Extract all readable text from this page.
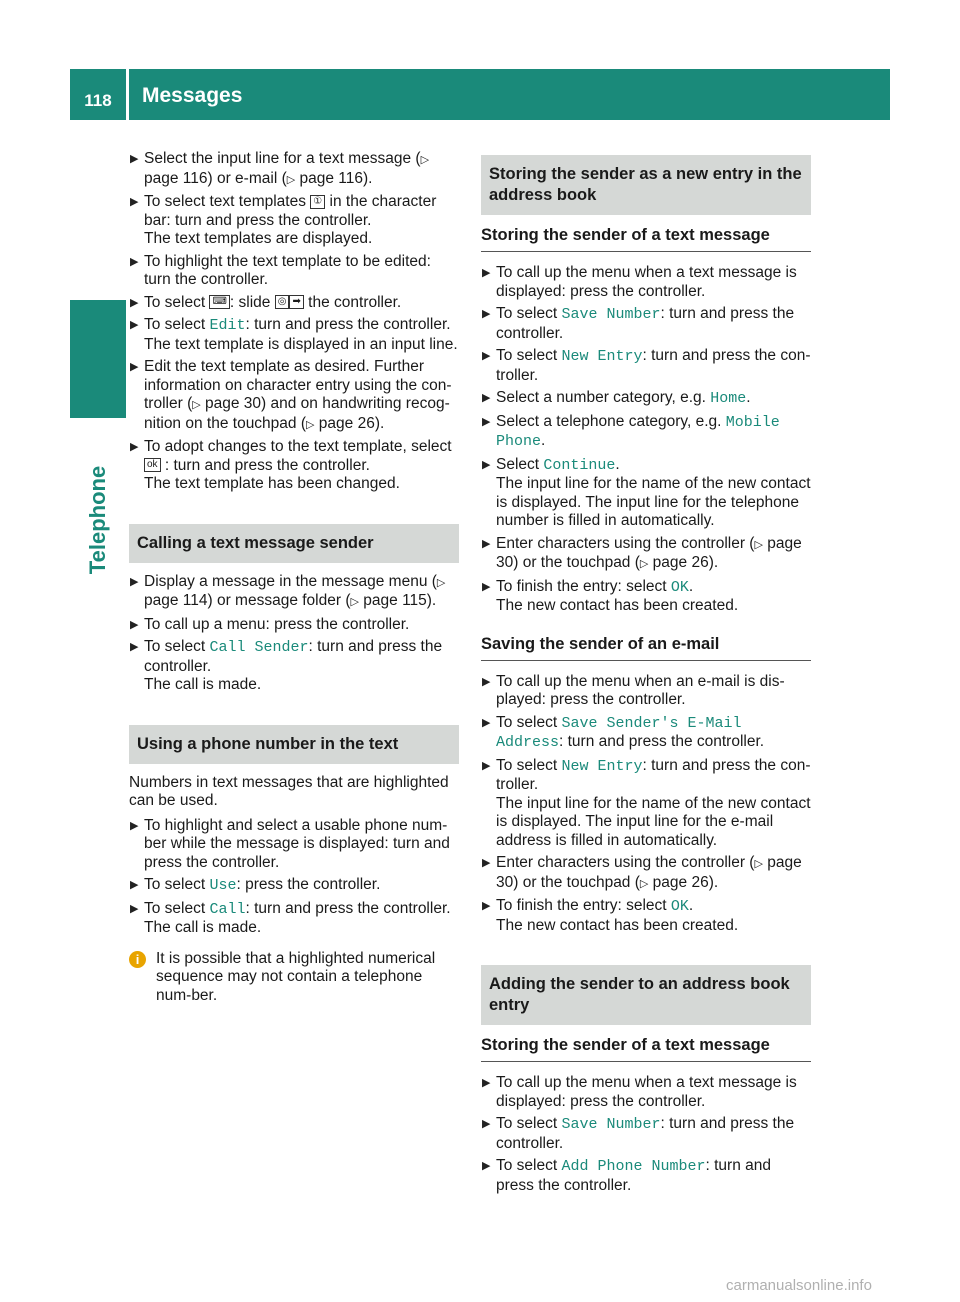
118	Messages
Telephone
▶ Select the input line for a text message (▷ page 116) or e-mail (▷ page 116).
▶ To select text templates ① in the character bar: turn and press the controller.
The text templates are displayed.
▶ To highlight the text template to be edited: turn the controller.
▶ To select ⌨ : slide ◎ ➡ the controller.
▶ To select Edit: turn and press the controller.
The text template is displayed in an input line.
▶ Edit the text template as desired. Further information on character entry using the con-troller (▷ page 30) and on handwriting recog-nition on the touchpad (▷ page 26).
▶ To adopt changes to the text template, select ok : turn and press the controller.
The text template has been changed.
Calling a text message sender
▶ Display a message in the message menu (▷ page 114) or message folder (▷ page 115).
▶ To call up a menu: press the controller.
▶ To select Call Sender: turn and press the controller.
The call is made.
Using a phone number in the text
Numbers in text messages that are highlighted can be used.
▶ To highlight and select a usable phone num-ber while the message is displayed: turn and press the controller.
▶ To select Use: press the controller.
▶ To select Call: turn and press the controller.
The call is made.
i	It is possible that a highlighted numerical sequence may not contain a telephone num-ber.
Storing the sender as a new entry in the address book
Storing the sender of a text message
▶ To call up the menu when a text message is displayed: press the controller.
▶ To select Save Number: turn and press the controller.
▶ To select New Entry: turn and press the con-troller.
▶ Select a number category, e.g. Home.
▶ Select a telephone category, e.g. Mobile Phone.
▶ Select Continue.
The input line for the name of the new contact is displayed. The input line for the telephone number is filled in automatically.
▶ Enter characters using the controller (▷ page 30) or the touchpad (▷ page 26).
▶ To finish the entry: select OK.
The new contact has been created.
Saving the sender of an e-mail
▶ To call up the menu when an e-mail is dis-played: press the controller.
▶ To select Save Sender's E-Mail Address: turn and press the controller.
▶ To select New Entry: turn and press the con-troller.
The input line for the name of the new contact is displayed. The input line for the e-mail address is filled in automatically.
▶ Enter characters using the controller (▷ page 30) or the touchpad (▷ page 26).
▶ To finish the entry: select OK.
The new contact has been created.
Adding the sender to an address book entry
Storing the sender of a text message
▶ To call up the menu when a text message is displayed: press the controller.
▶ To select Save Number: turn and press the controller.
▶ To select Add Phone Number: turn and press the controller.
carmanualsonline.info
